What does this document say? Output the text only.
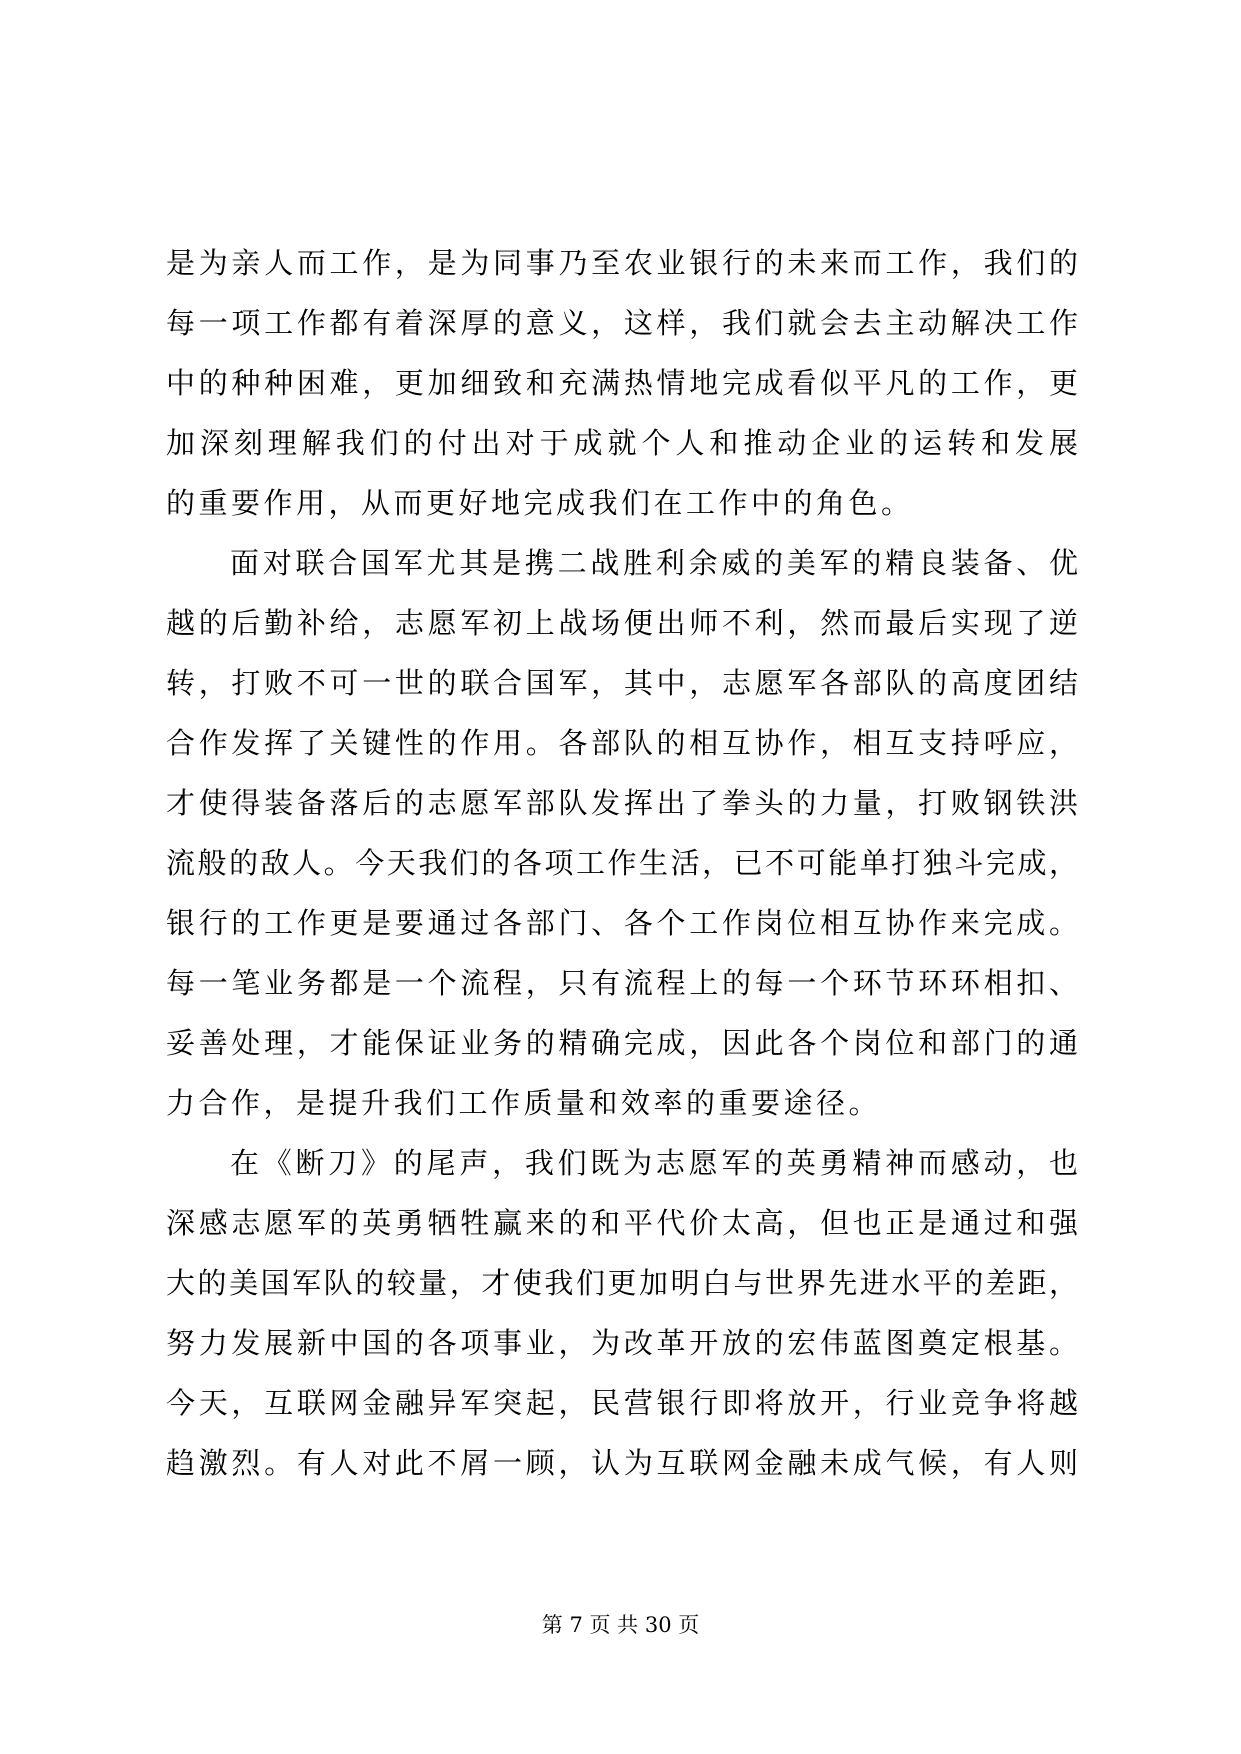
是为亲人而工作，是为同事乃至农业银行的未来而工作，我们的
每一项工作都有着深厚的意义，这样，我们就会去主动解决工作
中的种种困难，更加细致和充满热情地完成看似平凡的工作，更
加深刻理解我们的付出对于成就个人和推动企业的运转和发展
的重要作用，从而更好地完成我们在工作中的角色。
面对联合国军尤其是携二战胜利余威的美军的精良装备、优
越的后勤补给，志愿军初上战场便出师不利，然而最后实现了逆
转，打败不可一世的联合国军，其中，志愿军各部队的高度团结
合作发挥了关键性的作用。各部队的相互协作，相互支持呼应，
才使得装备落后的志愿军部队发挥出了拳头的力量，打败钢铁洪
流般的敌人。今天我们的各项工作生活，已不可能单打独斗完成，
银行的工作更是要通过各部门、各个工作岗位相互协作来完成。
每一笔业务都是一个流程，只有流程上的每一个环节环环相扣、
妥善处理，才能保证业务的精确完成，因此各个岗位和部门的通
力合作，是提升我们工作质量和效率的重要途径。
在《断刀》的尾声，我们既为志愿军的英勇精神而感动，也
深感志愿军的英勇牺牲赢来的和平代价太高，但也正是通过和强
大的美国军队的较量，才使我们更加明白与世界先进水平的差距，
努力发展新中国的各项事业，为改革开放的宏伟蓝图奠定根基。
今天，互联网金融异军突起，民营银行即将放开，行业竞争将越
趋激烈。有人对此不屑一顾，认为互联网金融未成气候，有人则
第 7 页 共 30 页
